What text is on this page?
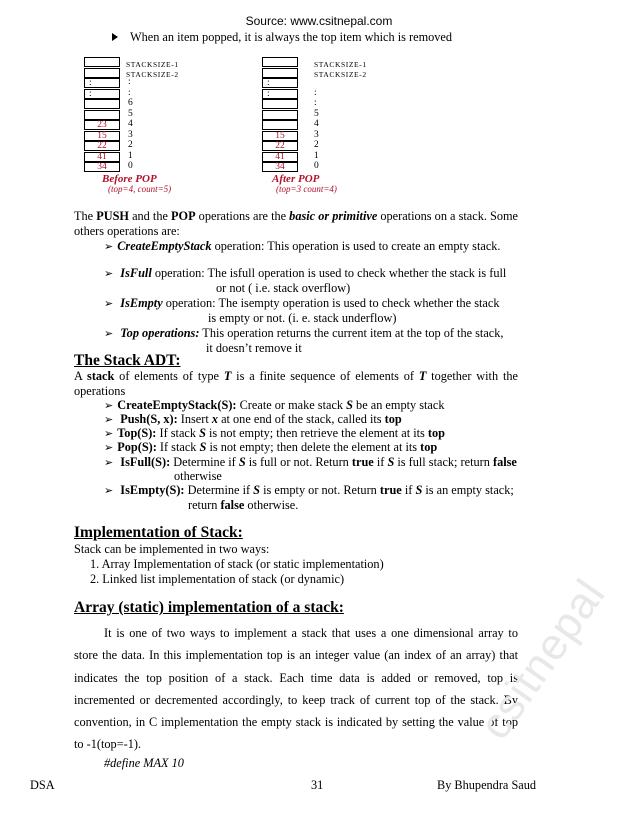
Source: www.csitnepal.com
When an item popped, it is always the top item which is removed
STACKSIZE-1
STACKSIZE-2
:
:
23
15
22
41
34
:
:
6
5
4
3
2
1
0
Before POP
(top=4, count=5)
STACKSIZE-1
STACKSIZE-2
:
:
15
22
41
34
:
:
5
4
3
2
1
0
After POP
(top=3 count=4)
The PUSH and the POP operations are the basic or primitive operations on a stack. Some others operations are:
➢ CreateEmptyStack operation: This operation is used to create an empty stack.
➢ IsFull operation: The isfull operation is used to check whether the stack is full
or not ( i.e. stack overflow)
➢ IsEmpty operation: The isempty operation is used to check whether the stack
is empty or not. (i. e. stack underflow)
➢ Top operations: This operation returns the current item at the top of the stack,
it doesn’t remove it
The Stack ADT:
A stack of elements of type T is a finite sequence of elements of T together with the operations
➢ CreateEmptyStack(S): Create or make stack S be an empty stack
➢ Push(S, x): Insert x at one end of the stack, called its top
➢ Top(S): If stack S is not empty; then retrieve the element at its top
➢ Pop(S): If stack S is not empty; then delete the element at its top
➢ IsFull(S): Determine if S is full or not. Return true if S is full stack; return false
otherwise
➢ IsEmpty(S): Determine if S is empty or not. Return true if S is an empty stack;
return false otherwise.
Implementation of Stack:
Stack can be implemented in two ways:
1. Array Implementation of stack (or static implementation)
2. Linked list implementation of stack (or dynamic)
Array (static) implementation of a stack:

It is one of two ways to implement a stack that uses a one dimensional array to store the data. In this implementation top is an integer value (an index of an array) that indicates the top position of a stack. Each time data is added or removed, top is incremented or decremented accordingly, to keep track of current top of the stack. By convention, in C implementation the empty stack is indicated by setting the value of top to -1(top=-1).

#define MAX 10
DSA	31	By Bhupendra Saud
csitnepal
